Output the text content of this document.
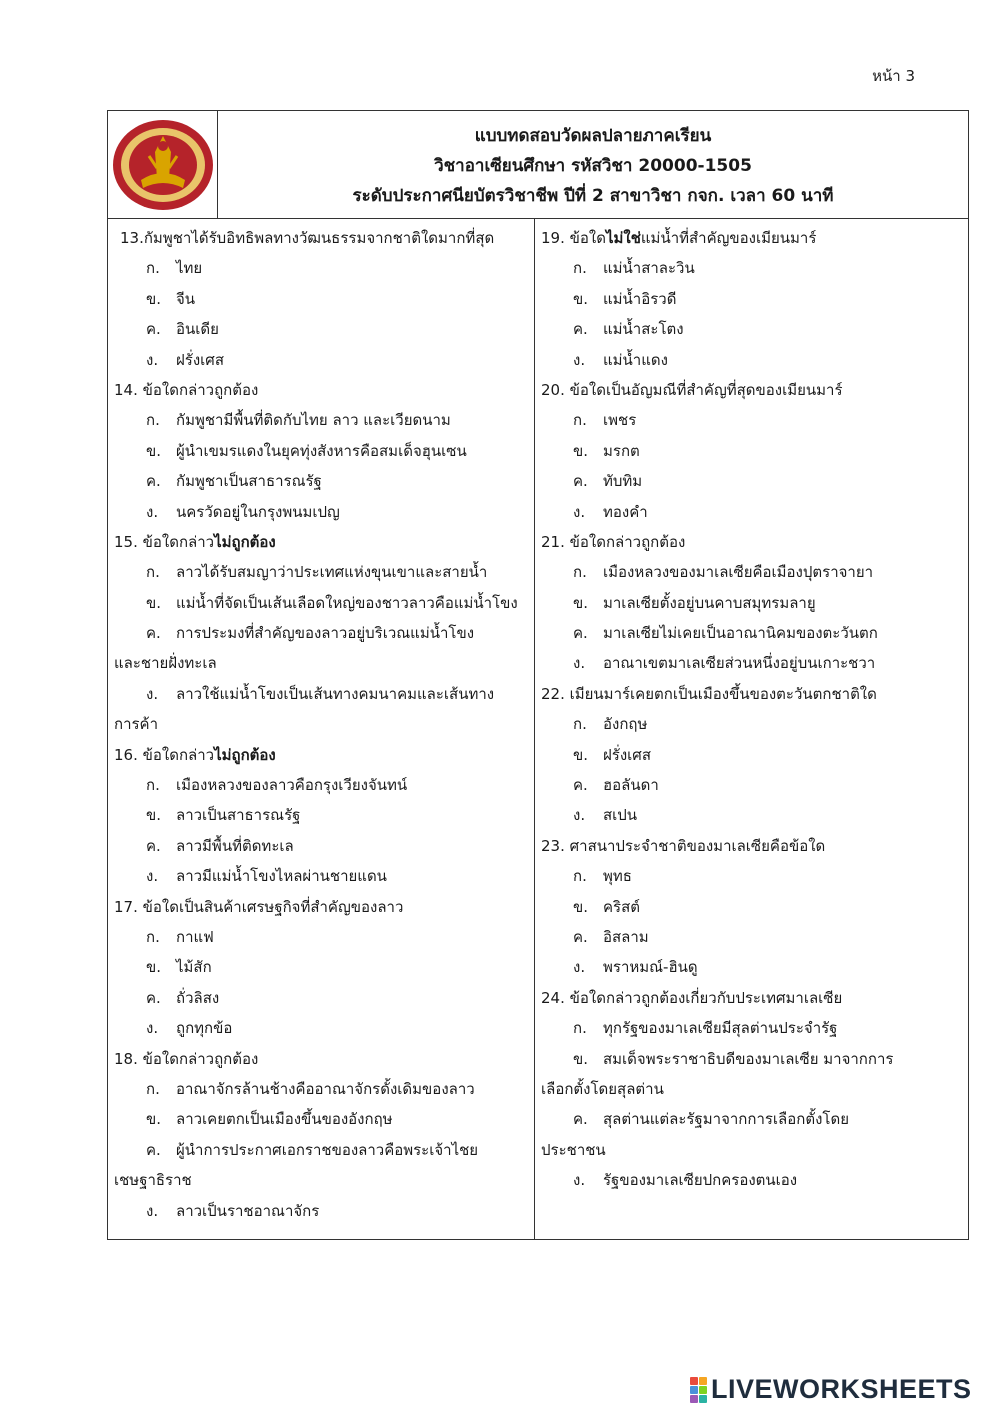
หน้า 3
แบบทดสอบวัดผลปลายภาคเรียน
วิชาอาเซียนศึกษา รหัสวิชา 20000-1505
ระดับประกาศนียบัตรวิชาชีพ ปีที่ 2 สาขาวิชา กจก. เวลา 60 นาที
13.กัมพูชาได้รับอิทธิพลทางวัฒนธรรมจากชาติใดมากที่สุด
ก. ไทย
ข. จีน
ค. อินเดีย
ง. ฝรั่งเศส
14. ข้อใดกล่าวถูกต้อง
ก. กัมพูชามีพื้นที่ติดกับไทย ลาว และเวียดนาม
ข. ผู้นำเขมรแดงในยุคทุ่งสังหารคือสมเด็จฮุนเซน
ค. กัมพูชาเป็นสาธารณรัฐ
ง. นครวัดอยู่ในกรุงพนมเปญ
15. ข้อใดกล่าวไม่ถูกต้อง
ก. ลาวได้รับสมญาว่าประเทศแห่งขุนเขาและสายน้ำ
ข. แม่น้ำที่จัดเป็นเส้นเลือดใหญ่ของชาวลาวคือแม่น้ำโขง
ค. การประมงที่สำคัญของลาวอยู่บริเวณแม่น้ำโขง
และชายฝั่งทะเล
ง. ลาวใช้แม่น้ำโขงเป็นเส้นทางคมนาคมและเส้นทาง
การค้า
16. ข้อใดกล่าวไม่ถูกต้อง
ก. เมืองหลวงของลาวคือกรุงเวียงจันทน์
ข. ลาวเป็นสาธารณรัฐ
ค. ลาวมีพื้นที่ติดทะเล
ง. ลาวมีแม่น้ำโขงไหลผ่านชายแดน
17. ข้อใดเป็นสินค้าเศรษฐกิจที่สำคัญของลาว
ก. กาแฟ
ข. ไม้สัก
ค. ถั่วลิสง
ง. ถูกทุกข้อ
18. ข้อใดกล่าวถูกต้อง
ก. อาณาจักรล้านช้างคืออาณาจักรดั้งเดิมของลาว
ข. ลาวเคยตกเป็นเมืองขึ้นของอังกฤษ
ค. ผู้นำการประกาศเอกราชของลาวคือพระเจ้าไชย
เชษฐาธิราช
ง. ลาวเป็นราชอาณาจักร
19. ข้อใดไม่ใช่แม่น้ำที่สำคัญของเมียนมาร์
ก. แม่น้ำสาละวิน
ข. แม่น้ำอิรวดี
ค. แม่น้ำสะโตง
ง. แม่น้ำแดง
20. ข้อใดเป็นอัญมณีที่สำคัญที่สุดของเมียนมาร์
ก. เพชร
ข. มรกต
ค. ทับทิม
ง. ทองคำ
21. ข้อใดกล่าวถูกต้อง
ก. เมืองหลวงของมาเลเซียคือเมืองปุตราจายา
ข. มาเลเซียตั้งอยู่บนคาบสมุทรมลายู
ค. มาเลเซียไม่เคยเป็นอาณานิคมของตะวันตก
ง. อาณาเขตมาเลเซียส่วนหนึ่งอยู่บนเกาะชวา
22. เมียนมาร์เคยตกเป็นเมืองขึ้นของตะวันตกชาติใด
ก. อังกฤษ
ข. ฝรั่งเศส
ค. ฮอลันดา
ง. สเปน
23. ศาสนาประจำชาติของมาเลเซียคือข้อใด
ก. พุทธ
ข. คริสต์
ค. อิสลาม
ง. พราหมณ์-ฮินดู
24. ข้อใดกล่าวถูกต้องเกี่ยวกับประเทศมาเลเซีย
ก. ทุกรัฐของมาเลเซียมีสุลต่านประจำรัฐ
ข. สมเด็จพระราชาธิบดีของมาเลเซีย มาจากการ
เลือกตั้งโดยสุลต่าน
ค. สุลต่านแต่ละรัฐมาจากการเลือกตั้งโดย
ประชาชน
ง. รัฐของมาเลเซียปกครองตนเอง
LIVEWORKSHEETS
